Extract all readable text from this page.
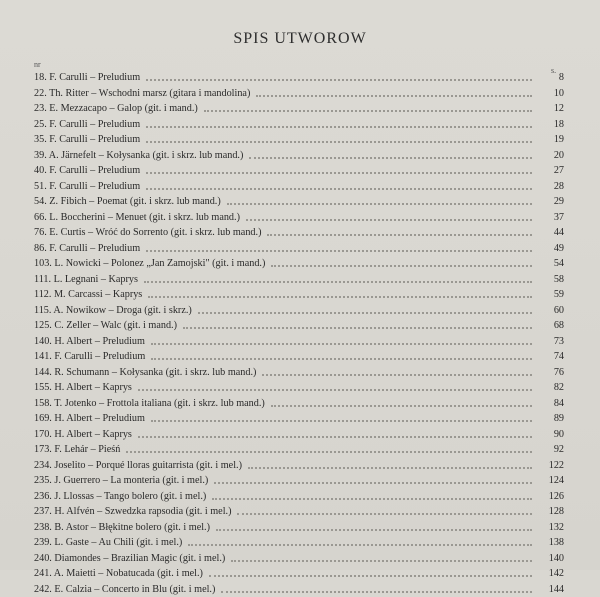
SPIS UTWOROW
nr
s.
18. F. Carulli – Preludium	8
22. Th. Ritter – Wschodni marsz (gitara i mandolina)	10
23. E. Mezzacapo – Galop (git. i mand.)	12
25. F. Carulli – Preludium	18
35. F. Carulli – Preludium	19
39. A. Järnefelt – Kołysanka (git. i skrz. lub mand.)	20
40. F. Carulli – Preludium	27
51. F. Carulli – Preludium	28
54. Z. Fibich – Poemat (git. i skrz. lub mand.)	29
66. L. Boccherini – Menuet (git. i skrz. lub mand.)	37
76. E. Curtis – Wróć do Sorrento (git. i skrz. lub mand.)	44
86. F. Carulli – Preludium	49
103. L. Nowicki – Polonez „Jan Zamojski" (git. i mand.)	54
111. L. Legnani – Kaprys	58
112. M. Carcassi – Kaprys	59
115. A. Nowikow – Droga (git. i skrz.)	60
125. C. Zeller – Walc (git. i mand.)	68
140. H. Albert – Preludium	73
141. F. Carulli – Preludium	74
144. R. Schumann – Kołysanka (git. i skrz. lub mand.)	76
155. H. Albert – Kaprys	82
158. T. Jotenko – Frottola italiana (git. i skrz. lub mand.)	84
169. H. Albert – Preludium	89
170. H. Albert – Kaprys	90
173. F. Lehár – Pieśń	92
234. Joselito – Porqué lloras guitarrista (git. i mel.)	122
235. J. Guerrero – La monteria (git. i mel.)	124
236. J. Llossas – Tango bolero (git. i mel.)	126
237. H. Alfvén – Szwedzka rapsodia (git. i mel.)	128
238. B. Astor – Błękitne bolero (git. i mel.)	132
239. L. Gaste – Au Chili (git. i mel.)	138
240. Diamondes – Brazilian Magic (git. i mel.)	140
241. A. Maietti – Nobatucada (git. i mel.)	142
242. E. Calzia – Concerto in Blu (git. i mel.)	144
